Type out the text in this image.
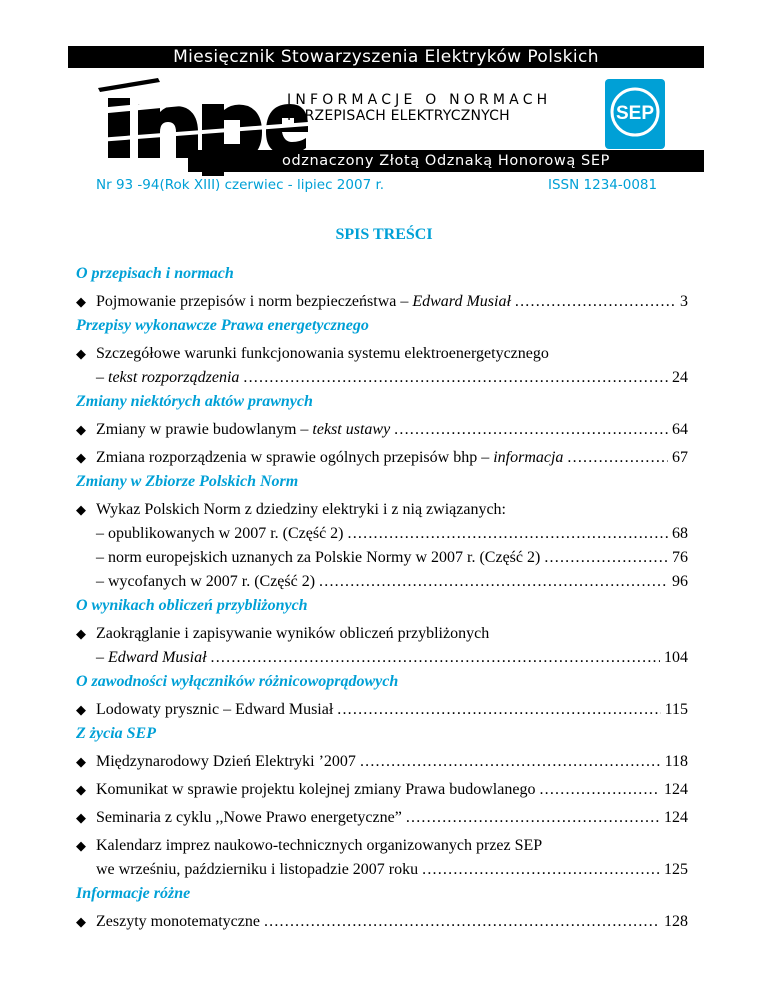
Miesięcznik Stowarzyszenia Elektryków Polskich
INFORMACJE O NORMACH
I PRZEPISACH ELEKTRYCZNYCH	SEP
odznaczony Złotą Odznaką Honorową SEP
Nr 93 -94(Rok XIII) czerwiec - lipiec 2007 r.	ISSN 1234-0081
SPIS TREŚCI
O przepisach i normach
◆ Pojmowanie przepisów i norm bezpieczeństwa – Edward Musiał . . .	3
Przepisy wykonawcze Prawa energetycznego
◆ Szczegółowe warunki funkcjonowania systemu elektroenergetycznego
– tekst rozporządzenia . . .	24
Zmiany niektórych aktów prawnych
◆ Zmiany w prawie budowlanym – tekst ustawy . . .	64
◆ Zmiana rozporządzenia w sprawie ogólnych przepisów bhp – informacja . . .	67
Zmiany w Zbiorze Polskich Norm
◆ Wykaz Polskich Norm z dziedziny elektryki i z nią związanych:
– opublikowanych w 2007 r. (Część 2) . . .	68
– norm europejskich uznanych za Polskie Normy w 2007 r. (Część 2) . . .	76
– wycofanych w 2007 r. (Część 2) . . .	96
O wynikach obliczeń przybliżonych
◆ Zaokrąglanie i zapisywanie wyników obliczeń przybliżonych
– Edward Musiał . . .	104
O zawodności wyłączników różnicowoprądowych
◆ Lodowaty prysznic – Edward Musiał . . .	115
Z życia SEP
◆ Międzynarodowy Dzień Elektryki ’2007 . . .	118
◆ Komunikat w sprawie projektu kolejnej zmiany Prawa budowlanego . . .	124
◆ Seminaria z cyklu ,,Nowe Prawo energetyczne” . . .	124
◆ Kalendarz imprez naukowo-technicznych organizowanych przez SEP
we wrześniu, październiku i listopadzie 2007 roku . . .	125
Informacje różne
◆ Zeszyty monotematyczne . . .	128
